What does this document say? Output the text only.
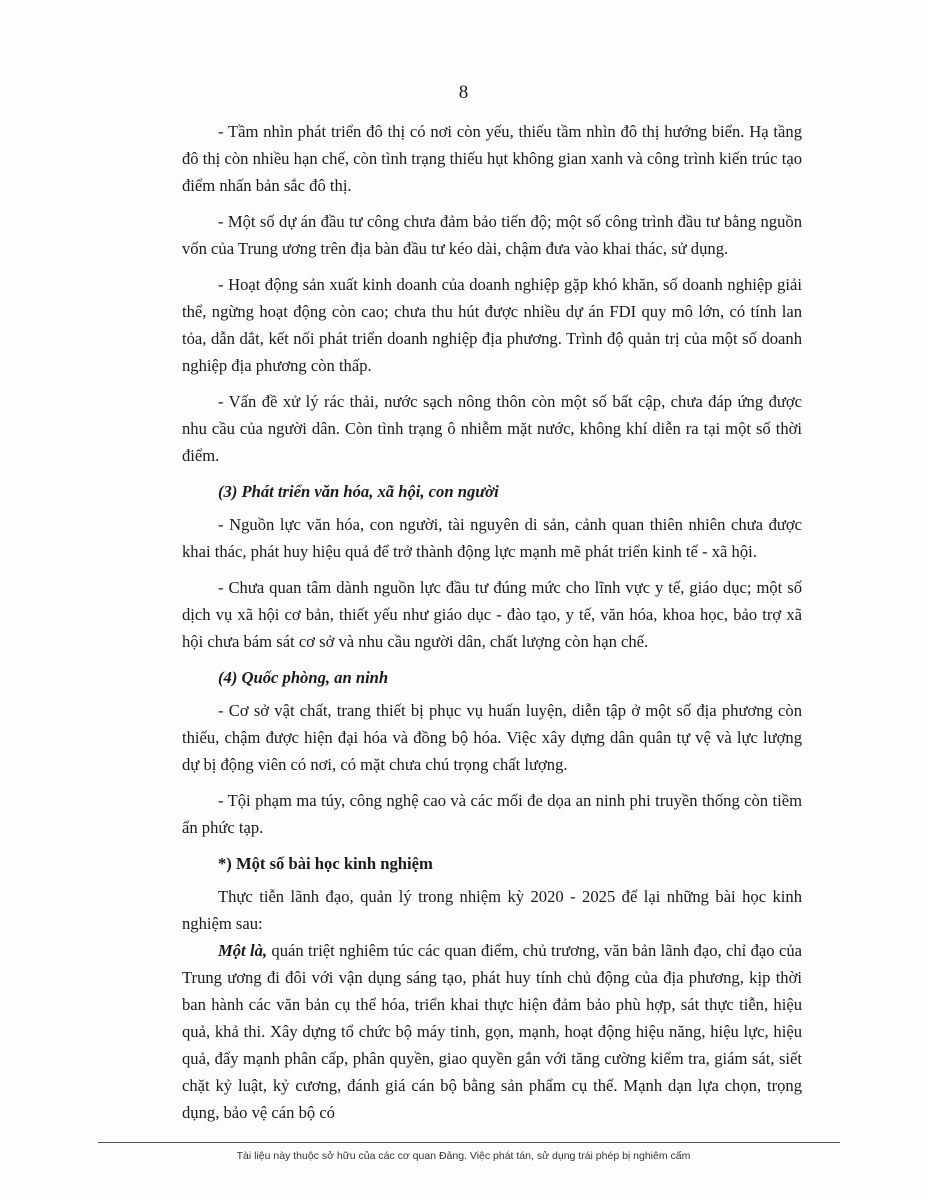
8

- Tầm nhìn phát triển đô thị có nơi còn yếu, thiếu tầm nhìn đô thị hướng biển. Hạ tầng đô thị còn nhiều hạn chế, còn tình trạng thiếu hụt không gian xanh và công trình kiến trúc tạo điểm nhấn bản sắc đô thị.

- Một số dự án đầu tư công chưa đảm bảo tiến độ; một số công trình đầu tư bằng nguồn vốn của Trung ương trên địa bàn đầu tư kéo dài, chậm đưa vào khai thác, sử dụng.

- Hoạt động sản xuất kinh doanh của doanh nghiệp gặp khó khăn, số doanh nghiệp giải thể, ngừng hoạt động còn cao; chưa thu hút được nhiều dự án FDI quy mô lớn, có tính lan tỏa, dẫn dắt, kết nối phát triển doanh nghiệp địa phương. Trình độ quản trị của một số doanh nghiệp địa phương còn thấp.

- Vấn đề xử lý rác thải, nước sạch nông thôn còn một số bất cập, chưa đáp ứng được nhu cầu của người dân. Còn tình trạng ô nhiễm mặt nước, không khí diễn ra tại một số thời điểm.

(3) Phát triển văn hóa, xã hội, con người

- Nguồn lực văn hóa, con người, tài nguyên di sản, cảnh quan thiên nhiên chưa được khai thác, phát huy hiệu quả để trở thành động lực mạnh mẽ phát triển kinh tế - xã hội.

- Chưa quan tâm dành nguồn lực đầu tư đúng mức cho lĩnh vực y tế, giáo dục; một số dịch vụ xã hội cơ bản, thiết yếu như giáo dục - đào tạo, y tế, văn hóa, khoa học, bảo trợ xã hội chưa bám sát cơ sở và nhu cầu người dân, chất lượng còn hạn chế.

(4) Quốc phòng, an ninh

- Cơ sở vật chất, trang thiết bị phục vụ huấn luyện, diễn tập ở một số địa phương còn thiếu, chậm được hiện đại hóa và đồng bộ hóa. Việc xây dựng dân quân tự vệ và lực lượng dự bị động viên có nơi, có mặt chưa chú trọng chất lượng.

- Tội phạm ma túy, công nghệ cao và các mối đe dọa an ninh phi truyền thống còn tiềm ẩn phức tạp.

*) Một số bài học kinh nghiệm

Thực tiễn lãnh đạo, quản lý trong nhiệm kỳ 2020 - 2025 để lại những bài học kinh nghiệm sau:

Một là, quán triệt nghiêm túc các quan điểm, chủ trương, văn bản lãnh đạo, chỉ đạo của Trung ương đi đôi với vận dụng sáng tạo, phát huy tính chủ động của địa phương, kịp thời ban hành các văn bản cụ thể hóa, triển khai thực hiện đảm bảo phù hợp, sát thực tiễn, hiệu quả, khả thi. Xây dựng tổ chức bộ máy tinh, gọn, mạnh, hoạt động hiệu năng, hiệu lực, hiệu quả, đẩy mạnh phân cấp, phân quyền, giao quyền gắn với tăng cường kiểm tra, giám sát, siết chặt kỷ luật, kỷ cương, đánh giá cán bộ bằng sản phẩm cụ thể. Mạnh dạn lựa chọn, trọng dụng, bảo vệ cán bộ có

Tài liệu này thuộc sở hữu của các cơ quan Đảng. Việc phát tán, sử dụng trái phép bị nghiêm cấm
